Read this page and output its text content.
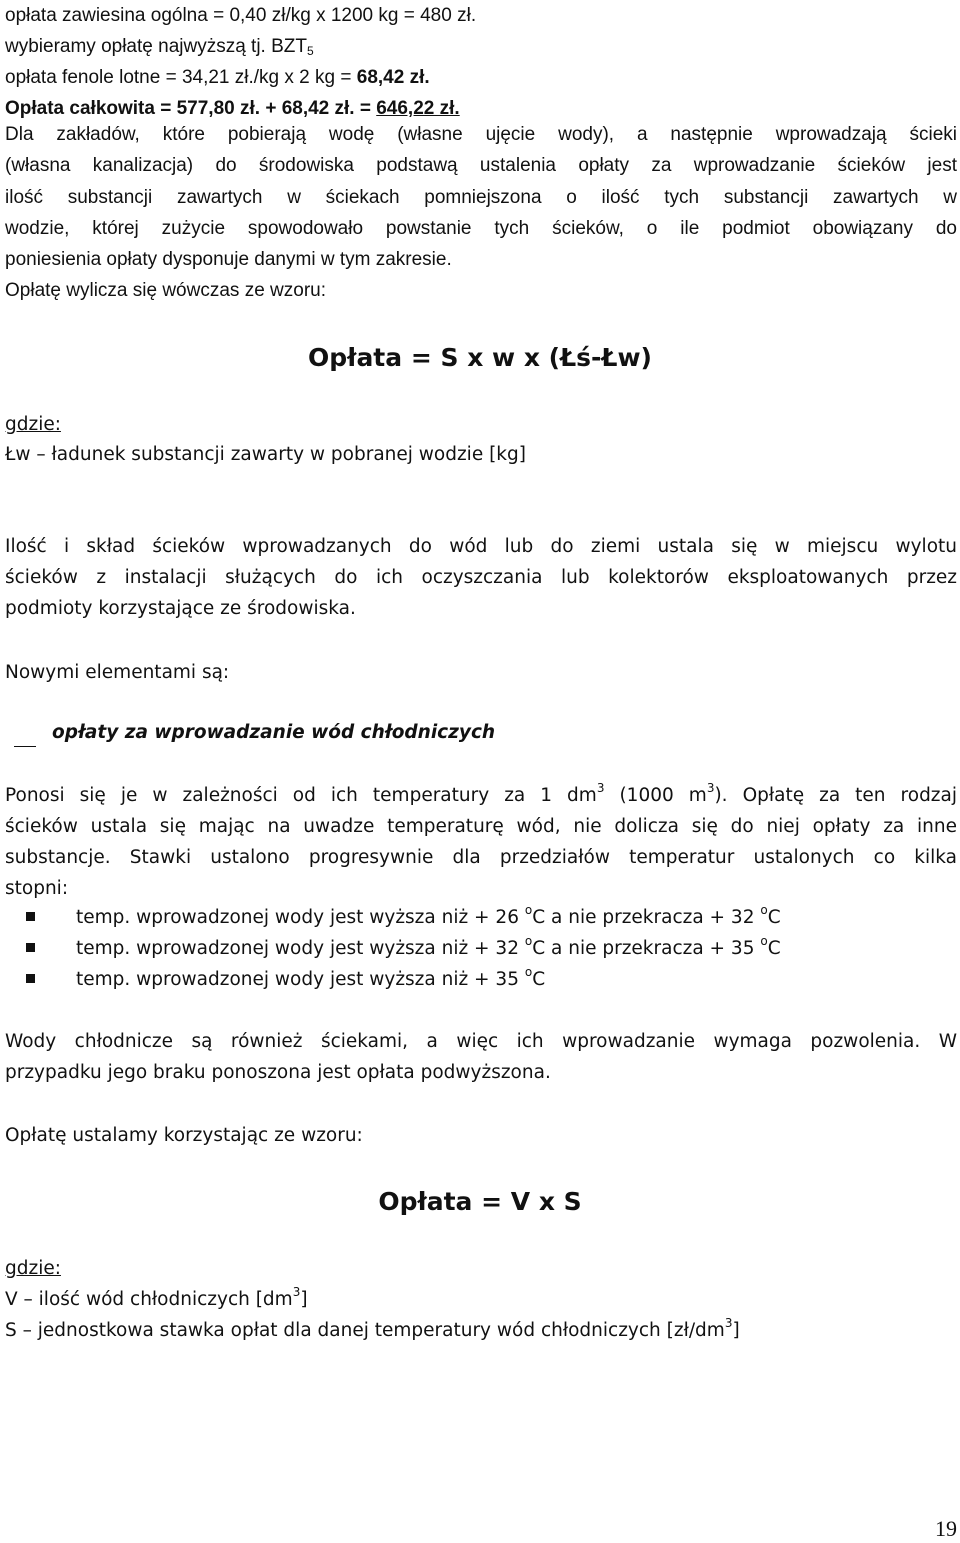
opłata zawiesina ogólna = 0,40 zł/kg x 1200 kg = 480 zł.
wybieramy opłatę najwyższą tj. $BZT_5$
opłata fenole lotne = 34,21 zł./kg x 2 kg = 68,42 zł.
Opłata całkowita = 577,80 zł. + 68,42 zł. = 646,22 zł.
Dla zakładów, które pobierają wodę (własne ujęcie wody), a następnie wprowadzają ścieki
(własna kanalizacja) do środowiska podstawą ustalenia opłaty za wprowadzanie ścieków jest
ilość substancji zawartych w ściekach pomniejszona o ilość tych substancji zawartych w
wodzie, której zużycie spowodowało powstanie tych ścieków, o ile podmiot obowiązany do
poniesienia opłaty dysponuje danymi w tym zakresie.
Opłatę wylicza się wówczas ze wzoru:
Opłata = S x w x (Łś-Łw)
gdzie:
Łw – ładunek substancji zawarty w pobranej wodzie [kg]
Ilość i skład ścieków wprowadzanych do wód lub do ziemi ustala się w miejscu wylotu
ścieków z instalacji służących do ich oczyszczania lub kolektorów eksploatowanych przez
podmioty korzystające ze środowiska.
Nowymi elementami są:
opłaty za wprowadzanie wód chłodniczych
Ponosi się je w zależności od ich temperatury za 1 $dm^3$ (1000 $m^3$). Opłatę za ten rodzaj
ścieków ustala się mając na uwadze temperaturę wód, nie dolicza się do niej opłaty za inne
substancje. Stawki ustalono progresywnie dla przedziałów temperatur ustalonych co kilka
stopni:
temp. wprowadzonej wody jest wyższa niż + 26 $^o$C a nie przekracza + 32 $^o$C
temp. wprowadzonej wody jest wyższa niż + 32 $^o$C a nie przekracza + 35 $^o$C
temp. wprowadzonej wody jest wyższa niż + 35 $^o$C
Wody chłodnicze są również ściekami, a więc ich wprowadzanie wymaga pozwolenia. W
przypadku jego braku ponoszona jest opłata podwyższona.
Opłatę ustalamy korzystając ze wzoru:
Opłata = V x S
gdzie:
V – ilość wód chłodniczych $[dm^3]$
S – jednostkowa stawka opłat dla danej temperatury wód chłodniczych $[zł/dm^3]$
19
